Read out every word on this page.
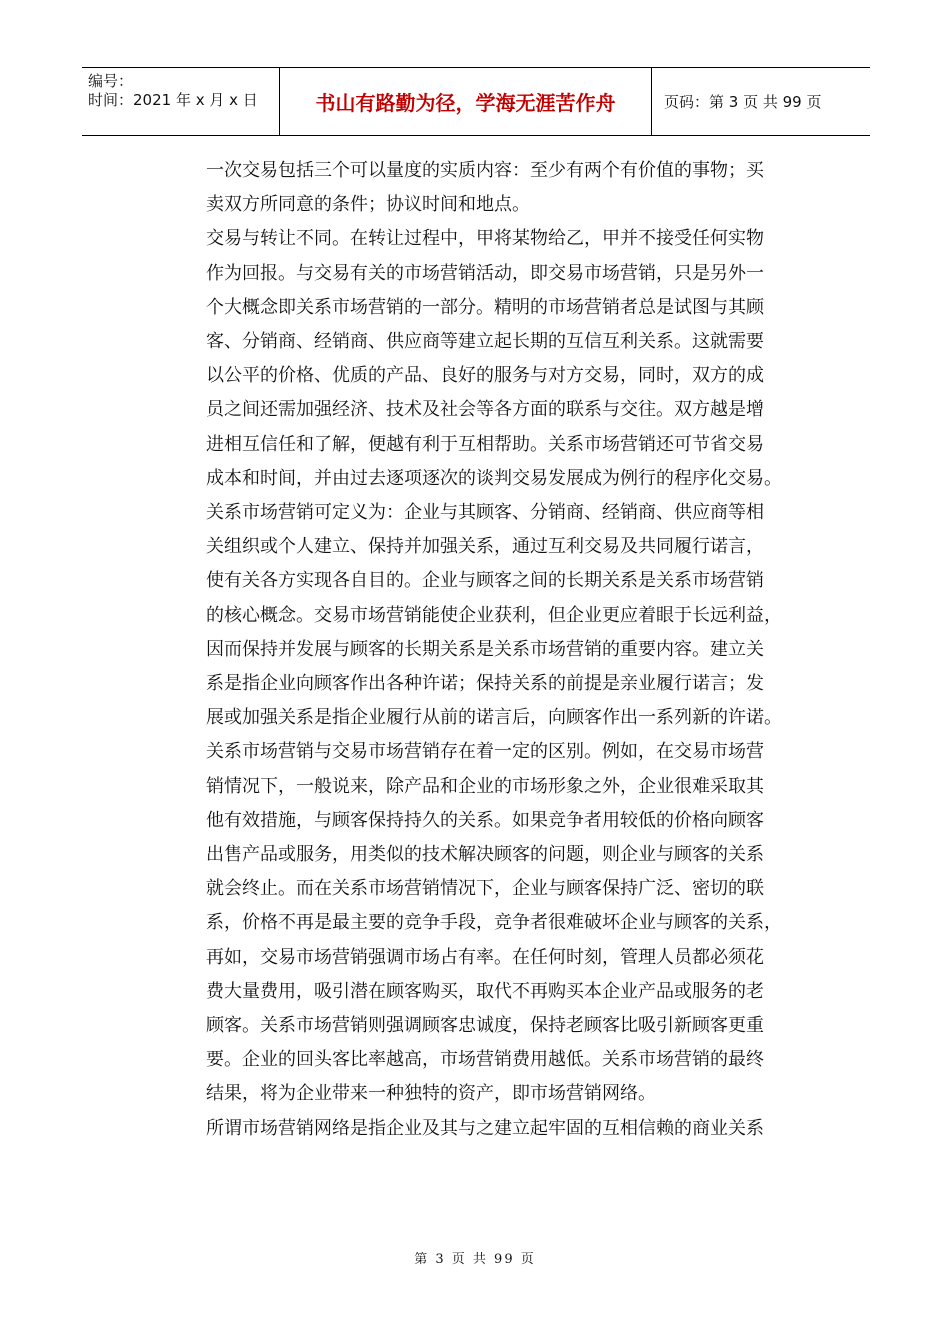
编号：
时间：2021 年 x 月 x 日	书山有路勤为径，学海无涯苦作舟	页码：第 3 页 共 99 页

一次交易包括三个可以量度的实质内容：至少有两个有价值的事物；买

卖双方所同意的条件；协议时间和地点。

交易与转让不同。在转让过程中，甲将某物给乙，甲并不接受任何实物

作为回报。与交易有关的市场营销活动，即交易市场营销，只是另外一

个大概念即关系市场营销的一部分。精明的市场营销者总是试图与其顾

客、分销商、经销商、供应商等建立起长期的互信互利关系。这就需要

以公平的价格、优质的产品、良好的服务与对方交易，同时，双方的成

员之间还需加强经济、技术及社会等各方面的联系与交往。双方越是增

进相互信任和了解，便越有利于互相帮助。关系市场营销还可节省交易

成本和时间，并由过去逐项逐次的谈判交易发展成为例行的程序化交易。

关系市场营销可定义为：企业与其顾客、分销商、经销商、供应商等相

关组织或个人建立、保持并加强关系，通过互利交易及共同履行诺言，

使有关各方实现各自目的。企业与顾客之间的长期关系是关系市场营销

的核心概念。交易市场营销能使企业获利，但企业更应着眼于长远利益，

因而保持并发展与顾客的长期关系是关系市场营销的重要内容。建立关

系是指企业向顾客作出各种许诺；保持关系的前提是亲业履行诺言；发

展或加强关系是指企业履行从前的诺言后，向顾客作出一系列新的许诺。

关系市场营销与交易市场营销存在着一定的区别。例如，在交易市场营

销情况下，一般说来，除产品和企业的市场形象之外，企业很难采取其

他有效措施，与顾客保持持久的关系。如果竞争者用较低的价格向顾客

出售产品或服务，用类似的技术解决顾客的问题，则企业与顾客的关系

就会终止。而在关系市场营销情况下，企业与顾客保持广泛、密切的联

系，价格不再是最主要的竞争手段，竞争者很难破坏企业与顾客的关系，

再如，交易市场营销强调市场占有率。在任何时刻，管理人员都必须花

费大量费用，吸引潜在顾客购买，取代不再购买本企业产品或服务的老

顾客。关系市场营销则强调顾客忠诚度，保持老顾客比吸引新顾客更重

要。企业的回头客比率越高，市场营销费用越低。关系市场营销的最终

结果，将为企业带来一种独特的资产，即市场营销网络。

所谓市场营销网络是指企业及其与之建立起牢固的互相信赖的商业关系

第 3 页 共 99 页
